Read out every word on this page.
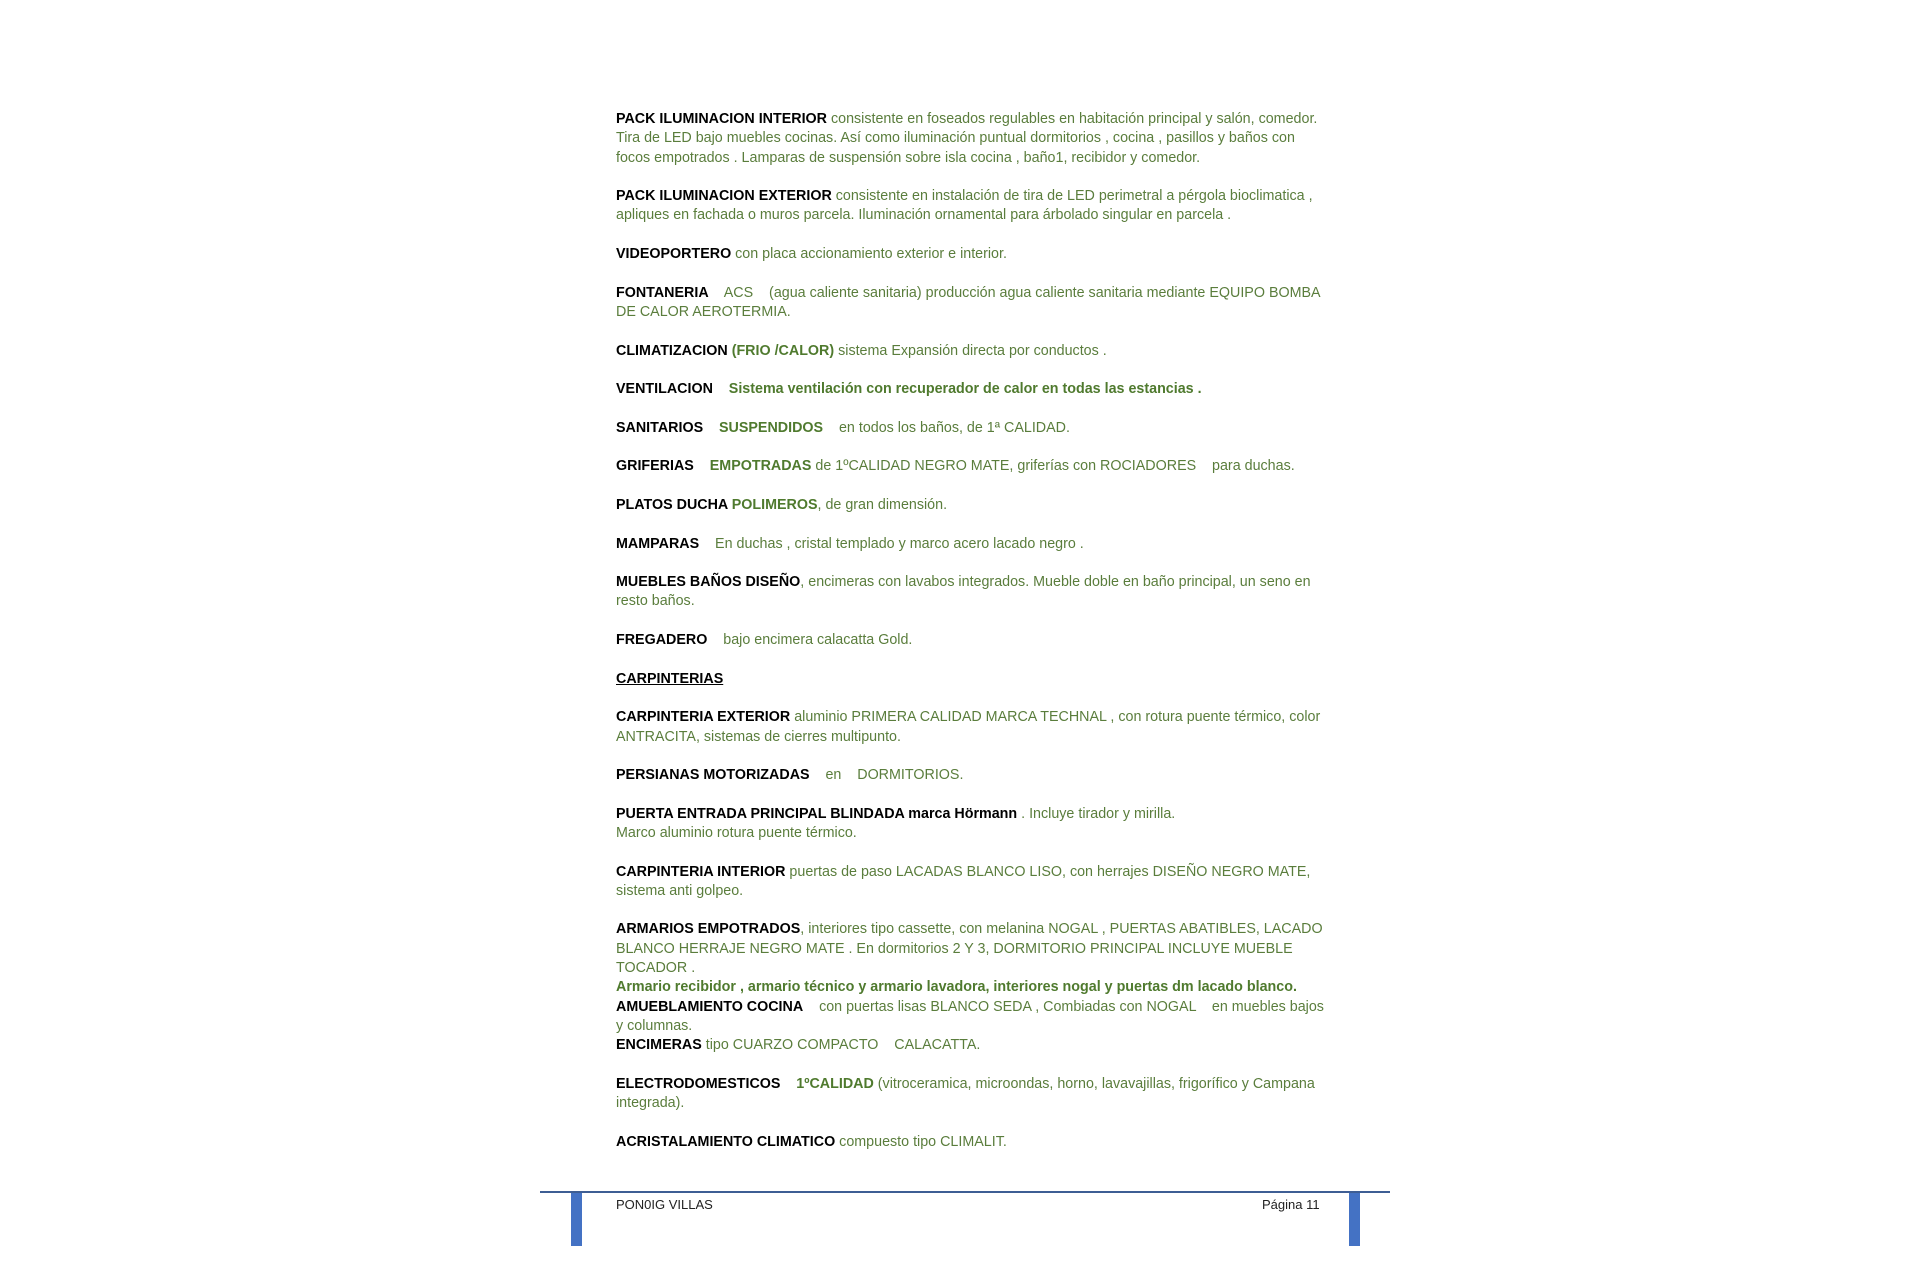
PACK ILUMINACION INTERIOR consistente en foseados regulables en habitación principal y salón, comedor. Tira de LED bajo muebles cocinas. Así como iluminación puntual dormitorios , cocina , pasillos y baños con focos empotrados . Lamparas de suspensión sobre isla cocina , baño1, recibidor y comedor.

PACK ILUMINACION EXTERIOR consistente en instalación de tira de LED perimetral a pérgola bioclimatica , apliques en fachada o muros parcela. Iluminación ornamental para árbolado singular en parcela .

VIDEOPORTERO con placa accionamiento exterior e interior.

FONTANERIA    ACS    (agua caliente sanitaria) producción agua caliente sanitaria mediante EQUIPO BOMBA DE CALOR AEROTERMIA.

CLIMATIZACION (FRIO /CALOR) sistema Expansión directa por conductos .

VENTILACION    Sistema ventilación con recuperador de calor en todas las estancias .

SANITARIOS    SUSPENDIDOS    en todos los baños, de 1ª CALIDAD.

GRIFERIAS    EMPOTRADAS de 1ºCALIDAD NEGRO MATE, griferías con ROCIADORES    para duchas.

PLATOS DUCHA POLIMEROS, de gran dimensión.

MAMPARAS    En duchas , cristal templado y marco acero lacado negro .

MUEBLES BAÑOS DISEÑO, encimeras con lavabos integrados. Mueble doble en baño principal, un seno en resto baños.

FREGADERO    bajo encimera calacatta Gold.

CARPINTERIAS

CARPINTERIA EXTERIOR aluminio PRIMERA CALIDAD MARCA TECHNAL , con rotura puente térmico, color ANTRACITA, sistemas de cierres multipunto.

PERSIANAS MOTORIZADAS    en    DORMITORIOS.

PUERTA ENTRADA PRINCIPAL BLINDADA marca Hörmann . Incluye tirador y mirilla.
Marco aluminio rotura puente térmico.

CARPINTERIA INTERIOR puertas de paso LACADAS BLANCO LISO, con herrajes DISEÑO NEGRO MATE, sistema anti golpeo.

ARMARIOS EMPOTRADOS, interiores tipo cassette, con melanina NOGAL , PUERTAS ABATIBLES, LACADO BLANCO HERRAJE NEGRO MATE . En dormitorios 2 Y 3, DORMITORIO PRINCIPAL INCLUYE MUEBLE TOCADOR .
Armario recibidor , armario técnico y armario lavadora, interiores nogal y puertas dm lacado blanco.

AMUEBLAMIENTO COCINA    con puertas lisas BLANCO SEDA , Combiadas con NOGAL    en muebles bajos y columnas.

ENCIMERAS tipo CUARZO COMPACTO    CALACATTA.

ELECTRODOMESTICOS    1ºCALIDAD (vitroceramica, microondas, horno, lavavajillas, frigorífico y Campana integrada).

ACRISTALAMIENTO CLIMATICO compuesto tipo CLIMALIT.

PON0IG VILLAS	Página 11
